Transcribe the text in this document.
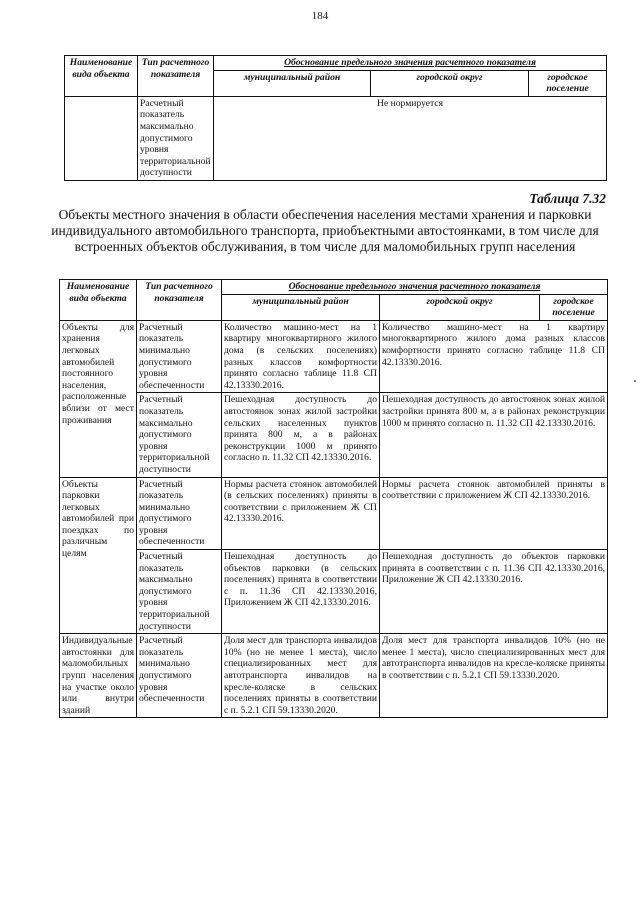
184
Наименование вида объекта	Тип расчетного показателя	Обоснование предельного значения расчетного показателя		
		муниципальный район	городской округ	городское поселение
	Расчетный показатель максимально допустимого уровня территориальной доступности	Не нормируется		
Таблица 7.32
Объекты местного значения в области обеспечения населения местами хранения и парковки индивидуального автомобильного транспорта, приобъектными автостоянками, в том числе для встроенных объектов обслуживания, в том числе для маломобильных групп населения
Наименование вида объекта	Тип расчетного показателя	Обоснование предельного значения расчетного показателя		
		муниципальный район	городской округ	городское поселение
Объекты для хранения легковых автомобилей постоянного населения, расположенные вблизи от мест проживания	Расчетный показатель минимально допустимого уровня обеспеченности	Количество машино-мест на 1 квартиру многоквартирного жилого дома (в сельских поселениях) разных классов комфортности принято согласно таблице 11.8 СП 42.13330.2016.	Количество машино-мест на 1 квартиру многоквартирного жилого дома разных классов комфортности принято согласно таблице 11.8 СП 42.13330.2016.	
	Расчетный показатель максимально допустимого уровня территориальной доступности	Пешеходная доступность до автостоянок зонах жилой застройки сельских населенных пунктов принята 800 м, а в районах реконструкции 1000 м принято согласно п. 11.32 СП 42.13330.2016.	Пешеходная доступность до автостоянок зонах жилой застройки принята 800 м, а в районах реконструкции 1000 м принято согласно п. 11.32 СП 42.13330.2016.	
Объекты парковки легковых автомобилей при поездках по различным целям	Расчетный показатель минимально допустимого уровня обеспеченности	Нормы расчета стоянок автомобилей (в сельских поселениях) приняты в соответствии с приложением Ж СП 42.13330.2016.	Нормы расчета стоянок автомобилей приняты в соответствии с приложением Ж СП 42.13330.2016.	
	Расчетный показатель максимально допустимого уровня территориальной доступности	Пешеходная доступность до объектов парковки (в сельских поселениях) принята в соответствии с п. 11.36 СП 42.13330.2016, Приложением Ж СП 42.13330.2016.	Пешеходная доступность до объектов парковки принята в соответствии с п. 11.36 СП 42.13330.2016, Приложение Ж СП 42.13330.2016.	
Индивидуальные автостоянки для маломобильных групп населения на участке около или внутри зданий	Расчетный показатель минимально допустимого уровня обеспеченности	Доля мест для транспорта инвалидов 10% (но не менее 1 места), число специализированных мест для автотранспорта инвалидов на кресле-коляске в сельских поселениях приняты в соответствии с п. 5.2.1 СП 59.13330.2020.	Доля мест для транспорта инвалидов 10% (но не менее 1 места), число специализированных мест для автотранспорта инвалидов на кресле-коляске приняты в соответствии с п. 5.2.1 СП 59.13330.2020.	
